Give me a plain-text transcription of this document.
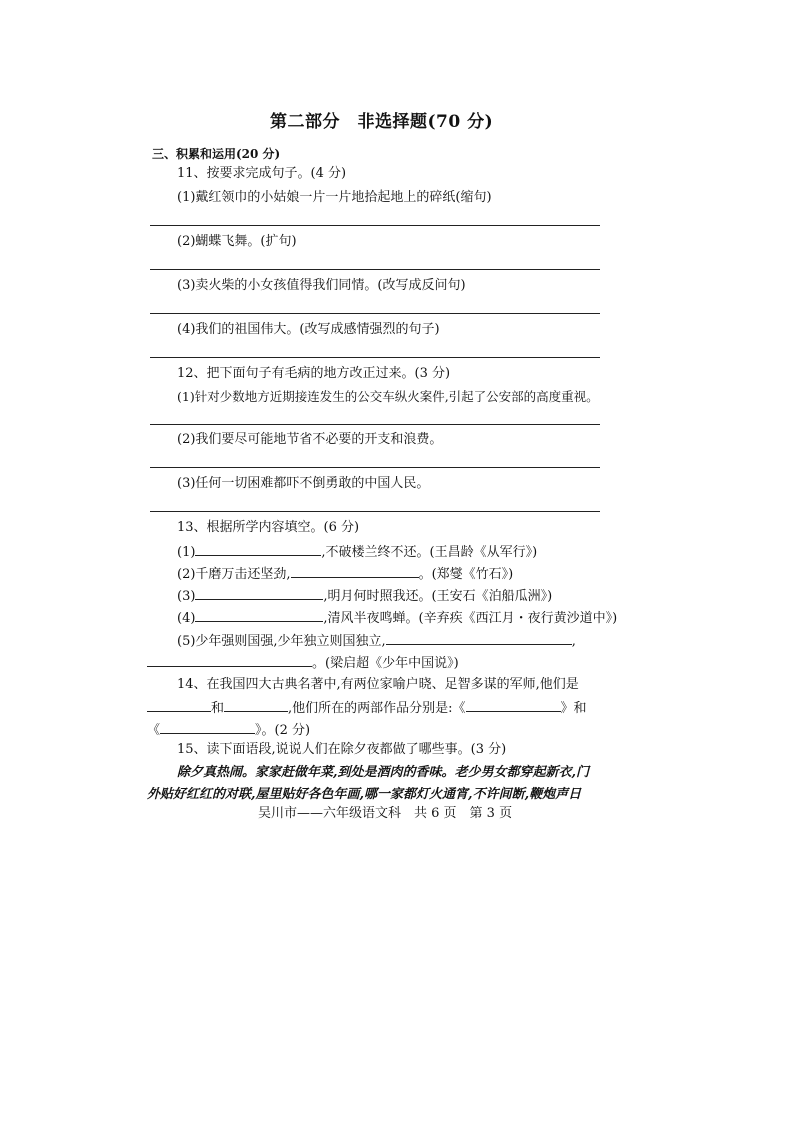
第二部分　非选择题(70 分)
三、积累和运用(20 分)
11、按要求完成句子。(4 分)
(1)戴红领巾的小姑娘一片一片地拾起地上的碎纸(缩句)
(2)蝴蝶飞舞。(扩句)
(3)卖火柴的小女孩值得我们同情。(改写成反问句)
(4)我们的祖国伟大。(改写成感情强烈的句子)
12、把下面句子有毛病的地方改正过来。(3 分)
(1)针对少数地方近期接连发生的公交车纵火案件,引起了公安部的高度重视。
(2)我们要尽可能地节省不必要的开支和浪费。
(3)任何一切困难都吓不倒勇敢的中国人民。
13、根据所学内容填空。(6 分)
(1)	,不破楼兰终不还。(王昌龄《从军行》)
(2)千磨万击还坚劲,	。(郑燮《竹石》)
(3)	,明月何时照我还。(王安石《泊船瓜洲》)
(4)	,清风半夜鸣蝉。(辛弃疾《西江月・夜行黄沙道中》)
(5)少年强则国强,少年独立则国独立,	,
。(梁启超《少年中国说》)
14、在我国四大古典名著中,有两位家喻户晓、足智多谋的军师,他们是
和	,他们所在的两部作品分别是:《	》和
《	》。(2 分)
15、读下面语段,说说人们在除夕夜都做了哪些事。(3 分)
除夕真热闹。家家赶做年菜,到处是酒肉的香味。老少男女都穿起新衣,门
外贴好红红的对联,屋里贴好各色年画,哪一家都灯火通宵,不许间断,鞭炮声日
吴川市——六年级语文科　共 6 页　第 3 页
